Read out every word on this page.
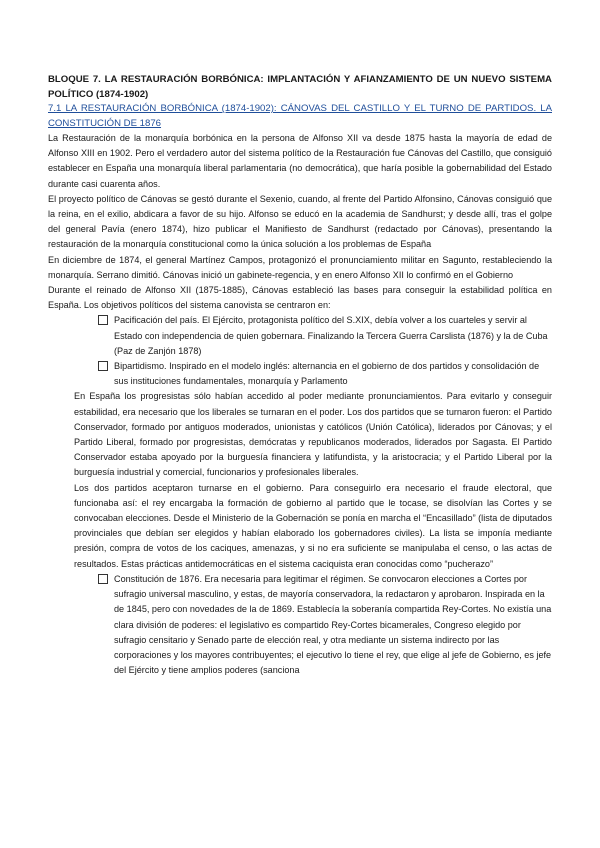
BLOQUE 7. LA RESTAURACIÓN BORBÓNICA: IMPLANTACIÓN Y AFIANZAMIENTO DE UN NUEVO SISTEMA POLÍTICO (1874-1902)

7.1 LA RESTAURACIÓN BORBÓNICA (1874-1902): CÁNOVAS DEL CASTILLO Y EL TURNO DE PARTIDOS. LA CONSTITUCIÓN DE 1876

La Restauración de la monarquía borbónica en la persona de Alfonso XII va desde 1875 hasta la mayoría de edad de Alfonso XIII en 1902. Pero el verdadero autor del sistema político de la Restauración fue Cánovas del Castillo, que consiguió establecer en España una monarquía liberal parlamentaria (no democrática), que haría posible la gobernabilidad del Estado durante casi cuarenta años.

El proyecto político de Cánovas se gestó durante el Sexenio, cuando, al frente del Partido Alfonsino, Cánovas consiguió que la reina, en el exilio, abdicara a favor de su hijo. Alfonso se educó en la academia de Sandhurst; y desde allí, tras el golpe del general Pavía (enero 1874), hizo publicar el Manifiesto de Sandhurst (redactado por Cánovas), presentando la restauración de la monarquía constitucional como la única solución a los problemas de España

En diciembre de 1874, el general Martínez Campos, protagonizó el pronunciamiento militar en Sagunto, restableciendo la monarquía. Serrano dimitió. Cánovas inició un gabinete-regencia, y en enero Alfonso XII lo confirmó en el Gobierno

Durante el reinado de Alfonso XII (1875-1885), Cánovas estableció las bases para conseguir la estabilidad política en España. Los objetivos políticos del sistema canovista se centraron en:

Pacificación del país. El Ejército, protagonista político del S.XIX, debía volver a los cuarteles y servir al Estado con independencia de quien gobernara. Finalizando la Tercera Guerra Carslista (1876) y la de Cuba (Paz de Zanjón 1878)

Bipartidismo. Inspirado en el modelo inglés: alternancia en el gobierno de dos partidos y consolidación de sus instituciones fundamentales, monarquía y Parlamento

En España los progresistas sólo habían accedido al poder mediante pronunciamientos. Para evitarlo y conseguir estabilidad, era necesario que los liberales se turnaran en el poder. Los dos partidos que se turnaron fueron: el Partido Conservador, formado por antiguos moderados, unionistas y católicos (Unión Católica), liderados por Cánovas; y el Partido Liberal, formado por progresistas, demócratas y republicanos moderados, liderados por Sagasta. El Partido Conservador estaba apoyado por la burguesía financiera y latifundista, y la aristocracia; y el Partido Liberal por la burguesía industrial y comercial, funcionarios y profesionales liberales.

Los dos partidos aceptaron turnarse en el gobierno. Para conseguirlo era necesario el fraude electoral, que funcionaba así: el rey encargaba la formación de gobierno al partido que le tocase, se disolvían las Cortes y se convocaban elecciones. Desde el Ministerio de la Gobernación se ponía en marcha el “Encasillado” (lista de diputados provinciales que debían ser elegidos y habían elaborado los gobernadores civiles). La lista se imponía mediante presión, compra de votos de los caciques, amenazas, y si no era suficiente se manipulaba el censo, o las actas de resultados. Estas prácticas antidemocráticas en el sistema caciquista eran conocidas como “pucherazo”

Constitución de 1876. Era necesaria para legitimar el régimen. Se convocaron elecciones a Cortes por sufragio universal masculino, y estas, de mayoría conservadora, la redactaron y aprobaron. Inspirada en la de 1845, pero con novedades de la de 1869. Establecía la soberanía compartida Rey-Cortes. No existía una clara división de poderes: el legislativo es compartido Rey-Cortes bicamerales, Congreso elegido por sufragio censitario y Senado parte de elección real, y otra mediante un sistema indirecto por las corporaciones y los mayores contribuyentes; el ejecutivo lo tiene el rey, que elige al jefe de Gobierno, es jefe del Ejército y tiene amplios poderes (sanciona
